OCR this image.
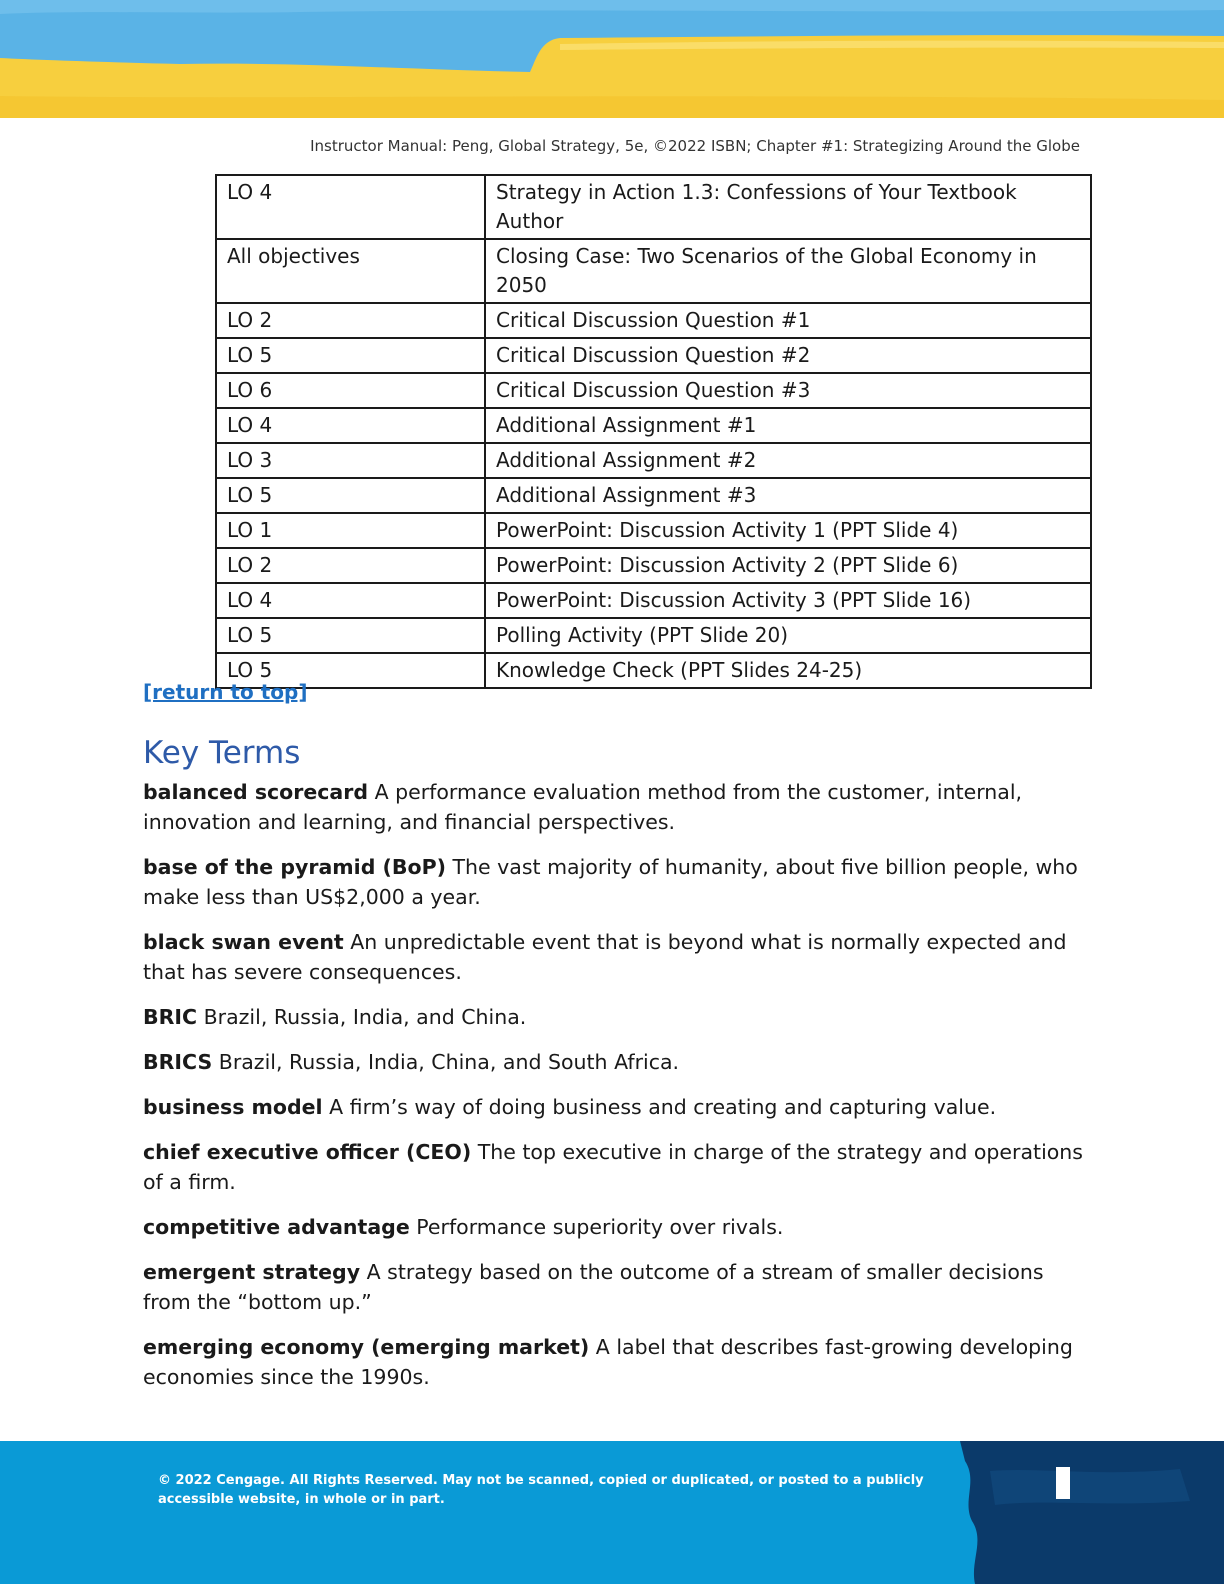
Instructor Manual: Peng, Global Strategy, 5e, ©2022 ISBN; Chapter #1: Strategizing Around the Globe
LO 4	Strategy in Action 1.3: Confessions of Your Textbook Author
All objectives	Closing Case: Two Scenarios of the Global Economy in 2050
LO 2	Critical Discussion Question #1
LO 5	Critical Discussion Question #2
LO 6	Critical Discussion Question #3
LO 4	Additional Assignment #1
LO 3	Additional Assignment #2
LO 5	Additional Assignment #3
LO 1	PowerPoint: Discussion Activity 1 (PPT Slide 4)
LO 2	PowerPoint: Discussion Activity 2 (PPT Slide 6)
LO 4	PowerPoint: Discussion Activity 3 (PPT Slide 16)
LO 5	Polling Activity (PPT Slide 20)
LO 5	Knowledge Check (PPT Slides 24-25)
[return to top]
Key Terms

balanced scorecard A performance evaluation method from the customer, internal, innovation and learning, and financial perspectives.

base of the pyramid (BoP) The vast majority of humanity, about five billion people, who make less than US$2,000 a year.

black swan event An unpredictable event that is beyond what is normally expected and that has severe consequences.

BRIC Brazil, Russia, India, and China.

BRICS Brazil, Russia, India, China, and South Africa.

business model A firm’s way of doing business and creating and capturing value.

chief executive officer (CEO) The top executive in charge of the strategy and operations of a firm.

competitive advantage Performance superiority over rivals.

emergent strategy A strategy based on the outcome of a stream of smaller decisions from the “bottom up.”

emerging economy (emerging market) A label that describes fast-growing developing economies since the 1990s.

© 2022 Cengage. All Rights Reserved. May not be scanned, copied or duplicated, or posted to a publicly accessible website, in whole or in part.
